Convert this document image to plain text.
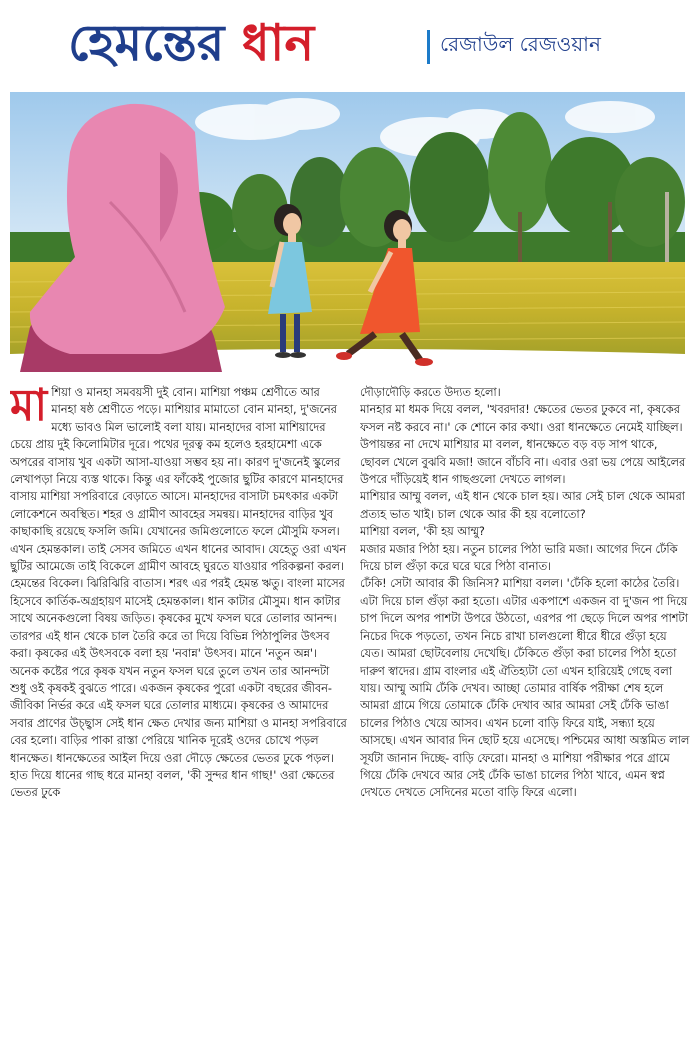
হেমন্তের ধান	রেজাউল রেজওয়ান
মা শিয়া ও মানহা সমবয়সী দুই বোন। মাশিয়া পঞ্চম শ্রেণীতে আর মানহা ষষ্ঠ শ্রেণীতে পড়ে। মাশিয়ার মামাতো বোন মানহা, দু'জনের মধ্যে ভাবও মিল ভালোই বলা যায়। মানহাদের বাসা মাশিয়াদের চেয়ে প্রায় দুই কিলোমিটার দূরে। পথের দূরত্ব কম হলেও হরহামেশা একে অপরের বাসায় খুব একটা আসা-যাওয়া সম্ভব হয় না। কারণ দু'জনেই স্কুলের লেখাপড়া নিয়ে ব্যস্ত থাকে। কিন্তু এর ফাঁকেই পুজোর ছুটির কারণে মানহাদের বাসায় মাশিয়া সপরিবারে বেড়াতে আসে। মানহাদের বাসাটা চমৎকার একটা লোকেশনে অবস্থিত। শহর ও গ্রামীণ আবহের সমন্বয়। মানহাদের বাড়ির খুব কাছাকাছি রয়েছে ফসলি জমি। যেখানের জমিগুলোতে ফলে মৌসুমি ফসল। এখন হেমন্তকাল। তাই সেসব জমিতে এখন ধানের আবাদ। যেহেতু ওরা এখন ছুটির আমেজে তাই বিকেলে গ্রামীণ আবহে ঘুরতে যাওয়ার পরিকল্পনা করল। হেমন্তের বিকেল। ঝিরিঝিরি বাতাস। শরৎ এর পরই হেমন্ত ঋতু। বাংলা মাসের হিসেবে কার্তিক-অগ্রহায়ণ মাসেই হেমন্তকাল। ধান কাটার মৌসুম। ধান কাটার সাথে অনেকগুলো বিষয় জড়িত। কৃষকের মুখে ফসল ঘরে তোলার আনন্দ। তারপর এই ধান থেকে চাল তৈরি করে তা দিয়ে বিভিন্ন পিঠাপুলির উৎসব করা। কৃষকের এই উৎসবকে বলা হয় 'নবান্ন' উৎসব। মানে 'নতুন অন্ন'। অনেক কষ্টের পরে কৃষক যখন নতুন ফসল ঘরে তুলে তখন তার আনন্দটা শুধু ওই কৃষকই বুঝতে পারে। একজন কৃষকের পুরো একটা বছরের জীবন-জীবিকা নির্ভর করে এই ফসল ঘরে তোলার মাধ্যমে। কৃষকের ও আমাদের সবার প্রাণের উচ্ছ্বাস সেই ধান ক্ষেত দেখার জন্য মাশিয়া ও মানহা সপরিবারে বের হলো। বাড়ির পাকা রাস্তা পেরিয়ে খানিক দূরেই ওদের চোখে পড়ল ধানক্ষেত। ধানক্ষেতের আইল দিয়ে ওরা দৌড়ে ক্ষেতের ভেতর ঢুকে পড়ল। হাত দিয়ে ধানের গাছ ধরে মানহা বলল, 'কী সুন্দর ধান গাছ!' ওরা ক্ষেতের ভেতর ঢুকে

দৌড়াদৌড়ি করতে উদ্যত হলো।

মানহার মা ধমক দিয়ে বলল, 'খবরদার! ক্ষেতের ভেতর ঢুকবে না, কৃষকের ফসল নষ্ট করবে না।' কে শোনে কার কথা। ওরা ধানক্ষেতে নেমেই যাচ্ছিল। উপায়ন্তর না দেখে মাশিয়ার মা বলল, ধানক্ষেতে বড় বড় সাপ থাকে, ছোবল খেলে বুঝবি মজা! জানে বাঁচবি না। এবার ওরা ভয় পেয়ে আইলের উপরে দাঁড়িয়েই ধান গাছগুলো দেখতে লাগল।

মাশিয়ার আম্মু বলল, এই ধান থেকে চাল হয়। আর সেই চাল থেকে আমরা প্রত্যহ ভাত খাই। চাল থেকে আর কী হয় বলোতো?

মাশিয়া বলল, 'কী হয় আম্মু?

মজার মজার পিঠা হয়। নতুন চালের পিঠা ভারি মজা। আগের দিনে ঢেঁকি দিয়ে চাল গুঁড়া করে ঘরে ঘরে পিঠা বানাত।

ঢেঁকি! সেটা আবার কী জিনিস? মাশিয়া বলল। 'ঢেঁকি হলো কাঠের তৈরি। এটা দিয়ে চাল গুঁড়া করা হতো। এটার একপাশে একজন বা দু'জন পা দিয়ে চাপ দিলে অপর পাশটা উপরে উঠতো, এরপর পা ছেড়ে দিলে অপর পাশটা নিচের দিকে পড়তো, তখন নিচে রাখা চালগুলো ধীরে ধীরে গুঁড়া হয়ে যেত। আমরা ছোটবেলায় দেখেছি। ঢেঁকিতে গুঁড়া করা চালের পিঠা হতো দারুণ স্বাদের। গ্রাম বাংলার এই ঐতিহ্যটা তো এখন হারিয়েই গেছে বলা যায়। আম্মু আমি ঢেঁকি দেখব। আচ্ছা তোমার বার্ষিক পরীক্ষা শেষ হলে আমরা গ্রামে গিয়ে তোমাকে ঢেঁকি দেখাব আর আমরা সেই ঢেঁকি ভাঙা চালের পিঠাও খেয়ে আসব। এখন চলো বাড়ি ফিরে যাই, সন্ধ্যা হয়ে আসছে। এখন আবার দিন ছোট হয়ে এসেছে। পশ্চিমের আধা অস্তমিত লাল সূর্যটা জানান দিচ্ছে- বাড়ি ফেরো। মানহা ও মাশিয়া পরীক্ষার পরে গ্রামে গিয়ে ঢেঁকি দেখবে আর সেই ঢেঁকি ভাঙা চালের পিঠা খাবে, এমন স্বপ্ন দেখতে দেখতে সেদিনের মতো বাড়ি ফিরে এলো।
